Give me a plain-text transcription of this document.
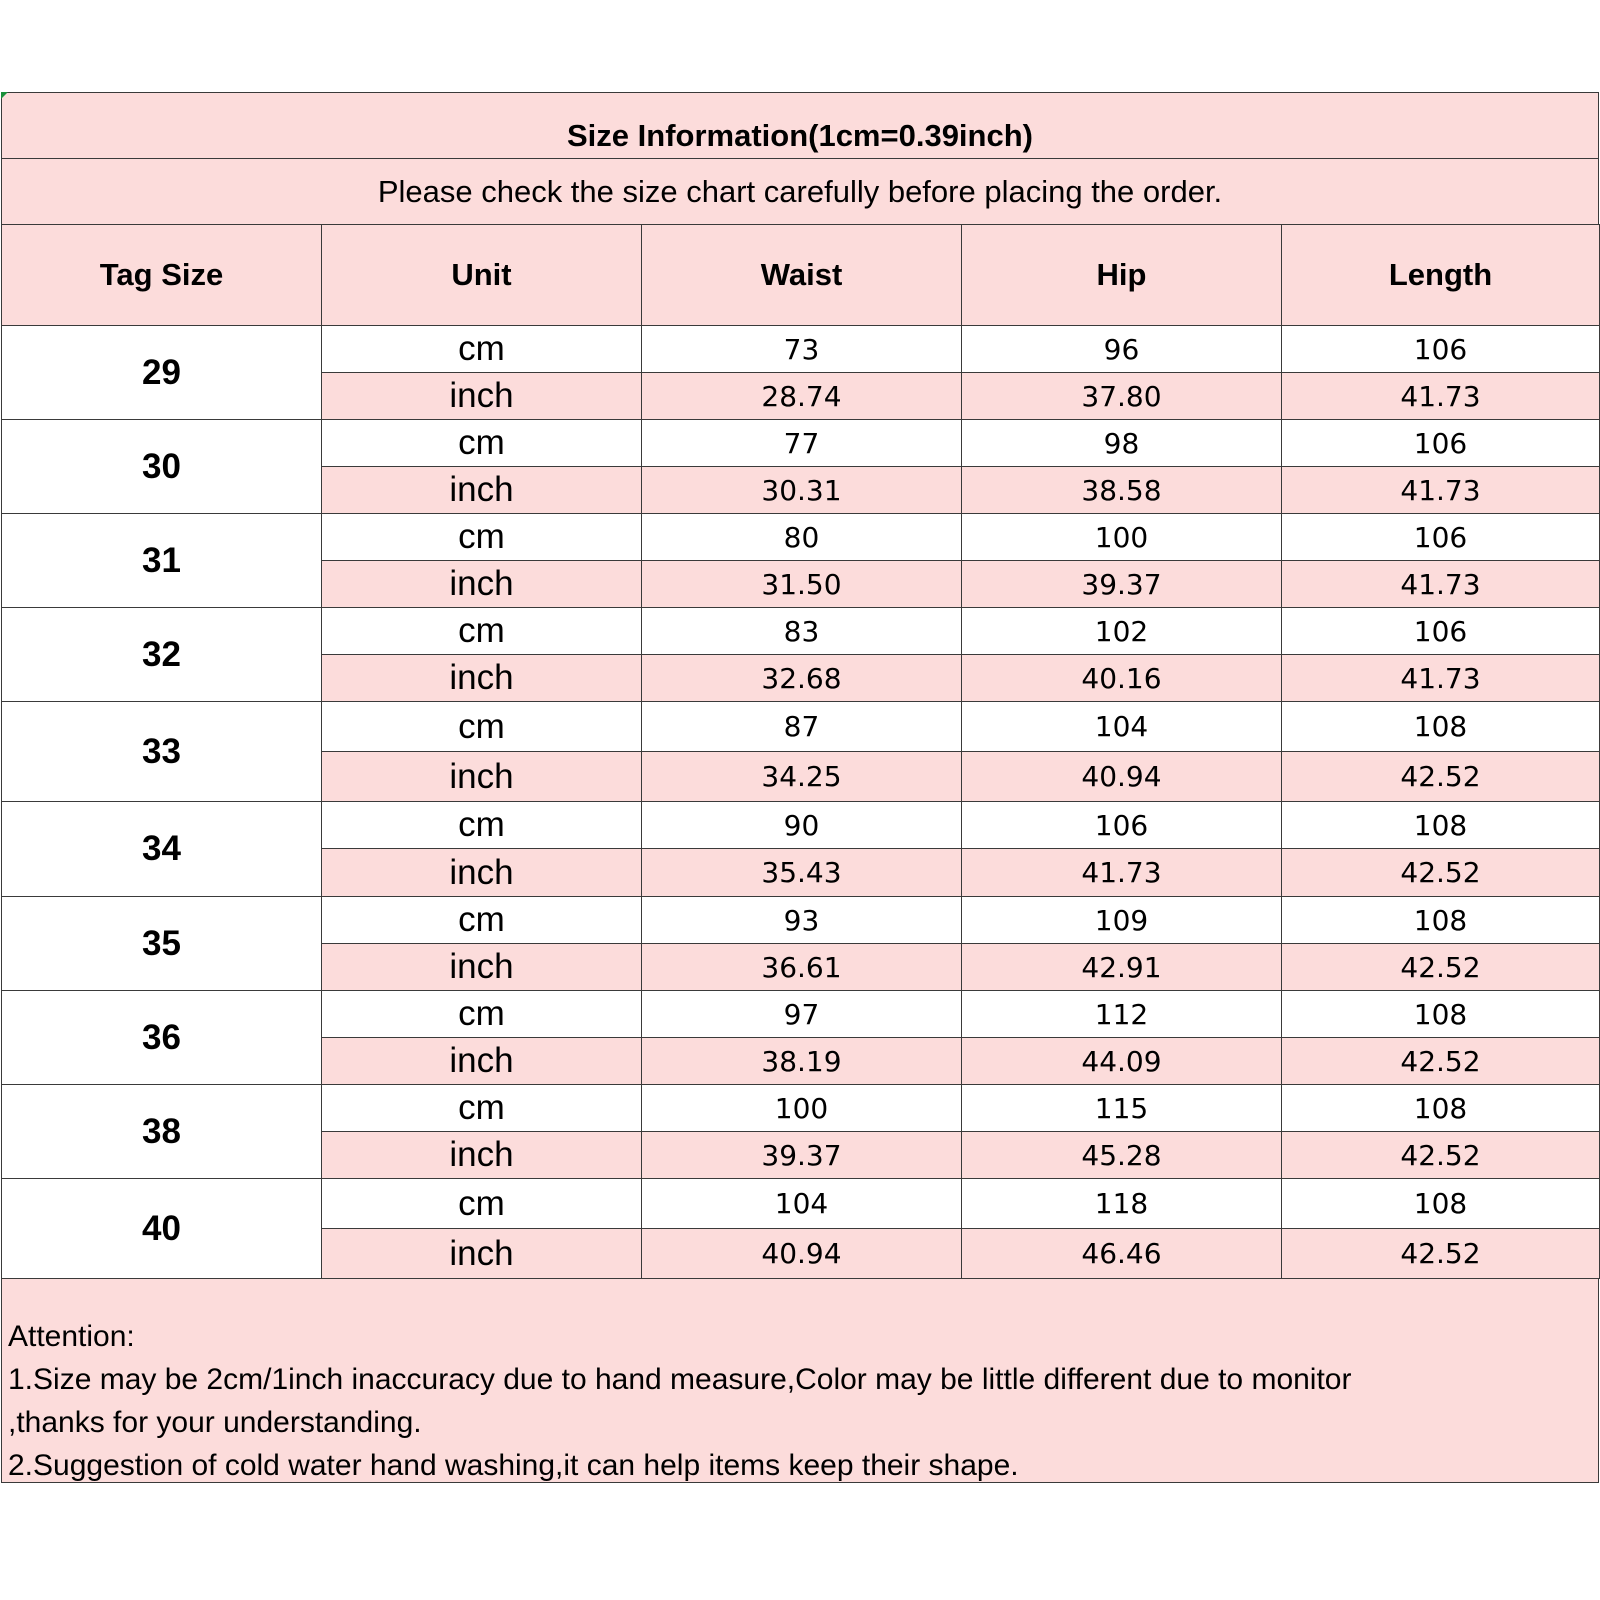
Size Information(1cm=0.39inch)
Please check the size chart carefully before placing the order.
Tag Size	Unit	Waist	Hip	Length
29	cm	73	96	106
	inch	28.74	37.80	41.73
30	cm	77	98	106
	inch	30.31	38.58	41.73
31	cm	80	100	106
	inch	31.50	39.37	41.73
32	cm	83	102	106
	inch	32.68	40.16	41.73
33	cm	87	104	108
	inch	34.25	40.94	42.52
34	cm	90	106	108
	inch	35.43	41.73	42.52
35	cm	93	109	108
	inch	36.61	42.91	42.52
36	cm	97	112	108
	inch	38.19	44.09	42.52
38	cm	100	115	108
	inch	39.37	45.28	42.52
40	cm	104	118	108
	inch	40.94	46.46	42.52
Attention:
1.Size may be 2cm/1inch inaccuracy due to hand measure,Color may be little different due to monitor
,thanks for your understanding.
2.Suggestion of cold water hand washing,it can help items keep their shape.
